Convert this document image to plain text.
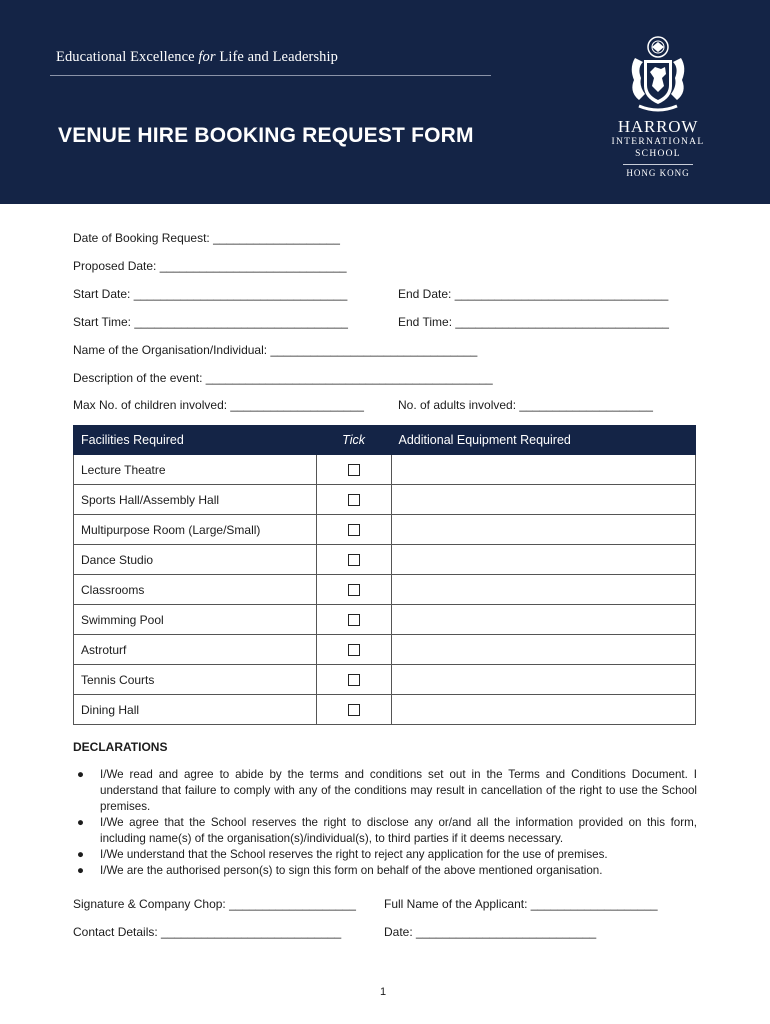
Educational Excellence for Life and Leadership
VENUE HIRE BOOKING REQUEST FORM	HARROW
INTERNATIONAL
SCHOOL
HONG KONG
Date of Booking Request: ___________________
Proposed Date: ____________________________
Start Date: ________________________________	End Date: ________________________________
Start Time: ________________________________	End Time: ________________________________
Name of the Organisation/Individual: _______________________________
Description of the event: ___________________________________________
Max No. of children involved: ____________________	No. of adults involved: ____________________
Facilities Required	Tick	Additional Equipment Required
Lecture Theatre		
Sports Hall/Assembly Hall		
Multipurpose Room (Large/Small)		
Dance Studio		
Classrooms		
Swimming Pool		
Astroturf		
Tennis Courts		
Dining Hall		
DECLARATIONS
● I/We read and agree to abide by the terms and conditions set out in the Terms and Conditions Document. I understand that failure to comply with any of the conditions may result in cancellation of the right to use the School premises.
● I/We agree that the School reserves the right to disclose any or/and all the information provided on this form, including name(s) of the organisation(s)/individual(s), to third parties if it deems necessary.
● I/We understand that the School reserves the right to reject any application for the use of premises.
● I/We are the authorised person(s) to sign this form on behalf of the above mentioned organisation.
Signature & Company Chop: ___________________ Full Name of the Applicant: ___________________
Contact Details: ___________________________	Date: ___________________________
1
